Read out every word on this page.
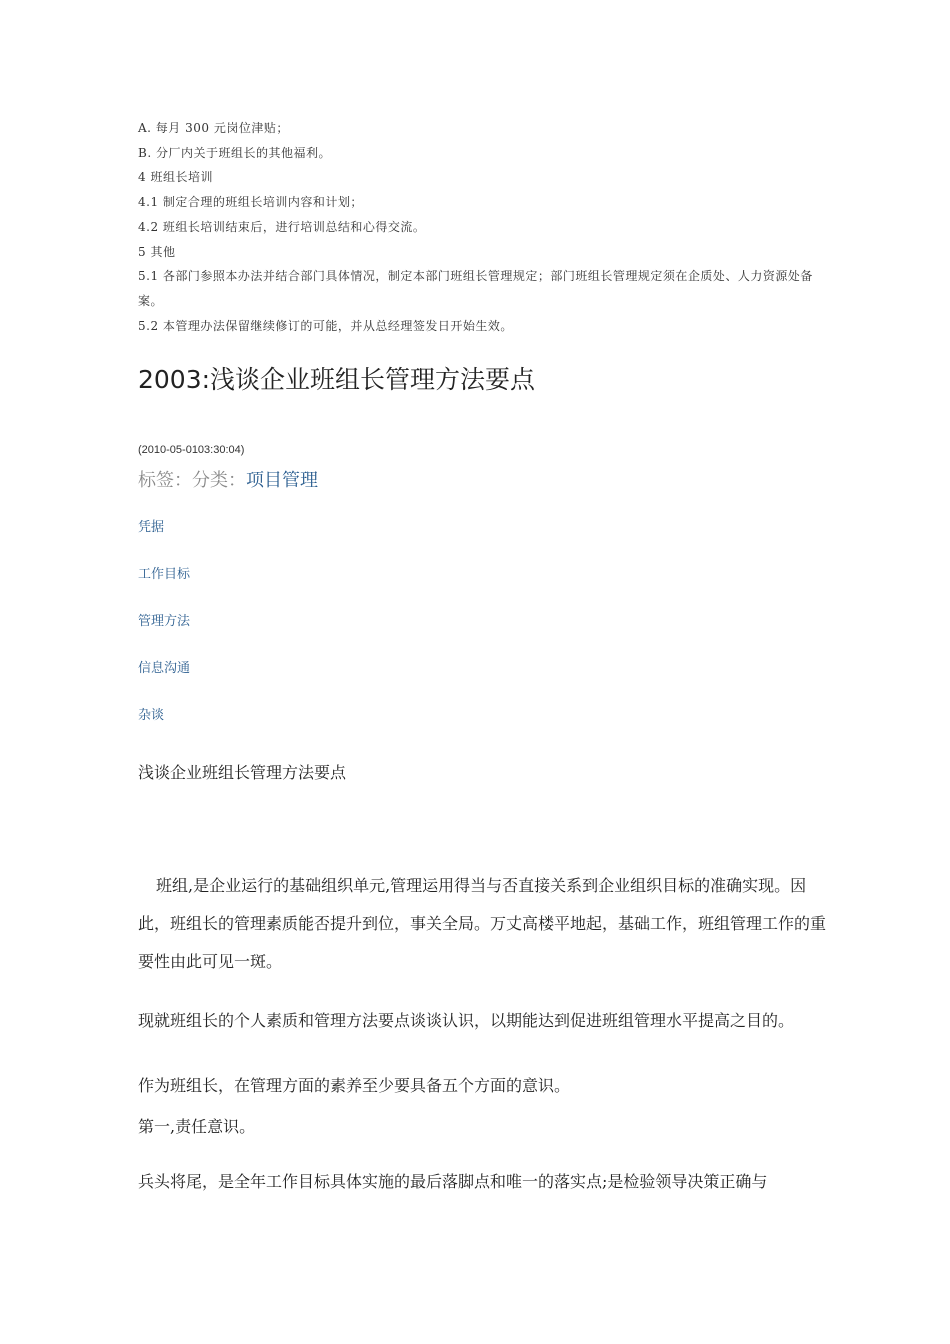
A. 每月 300 元岗位津贴；
B. 分厂内关于班组长的其他福利。
4 班组长培训
4.1 制定合理的班组长培训内容和计划；
4.2 班组长培训结束后，进行培训总结和心得交流。
5 其他
5.1 各部门参照本办法并结合部门具体情况，制定本部门班组长管理规定；部门班组长管理规定须在企质处、人力资源处备案。
5.2 本管理办法保留继续修订的可能，并从总经理签发日开始生效。
2003:浅谈企业班组长管理方法要点
(2010-05-0103:30:04)
标签：分类：项目管理
凭据
工作目标
管理方法
信息沟通
杂谈
浅谈企业班组长管理方法要点
班组,是企业运行的基础组织单元,管理运用得当与否直接关系到企业组织目标的准确实现。因此，班组长的管理素质能否提升到位，事关全局。万丈高楼平地起，基础工作，班组管理工作的重要性由此可见一斑。
现就班组长的个人素质和管理方法要点谈谈认识，以期能达到促进班组管理水平提高之目的。
作为班组长，在管理方面的素养至少要具备五个方面的意识。
第一,责任意识。
兵头将尾，是全年工作目标具体实施的最后落脚点和唯一的落实点;是检验领导决策正确与
